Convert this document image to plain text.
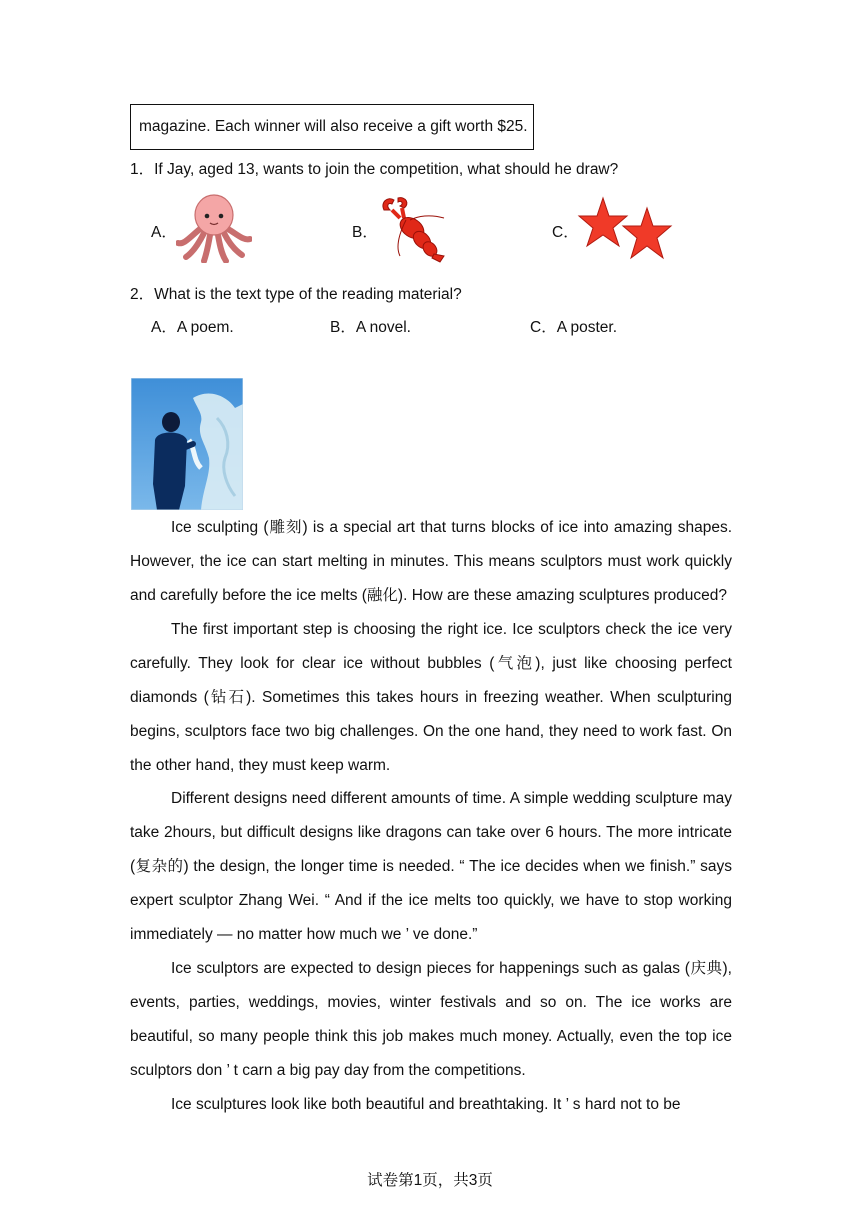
magazine. Each winner will also receive a gift worth $25.
1．If Jay, aged 13, wants to join the competition, what should he draw?
A．	B．	C．
2．What is the text type of the reading material?
A．A poem.	B．A novel.	C．A poster.
Ice sculpting (雕刻) is a special art that turns blocks of ice into amazing shapes. However, the ice can start melting in minutes. This means sculptors must work quickly and carefully before the ice melts (融化). How are these amazing sculptures produced?
The first important step is choosing the right ice. Ice sculptors check the ice very carefully. They look for clear ice without bubbles (气泡), just like choosing perfect diamonds (钻石). Sometimes this takes hours in freezing weather. When sculpturing begins, sculptors face two big challenges. On the one hand, they need to work fast. On the other hand, they must keep warm.
Different designs need different amounts of time. A simple wedding sculpture may take 2hours, but difficult designs like dragons can take over 6 hours. The more intricate (复杂的) the design, the longer time is needed. “ The ice decides when we finish.” says expert sculptor Zhang Wei. “ And if the ice melts too quickly, we have to stop working immediately — no matter how much we ’ ve done.”
Ice sculptors are expected to design pieces for happenings such as galas (庆典), events, parties, weddings, movies, winter festivals and so on. The ice works are beautiful, so many people think this job makes much money. Actually, even the top ice sculptors don ’ t carn a big pay day from the competitions.
Ice sculptures look like both beautiful and breathtaking. It ’ s hard not to be
试卷第1页，共3页
